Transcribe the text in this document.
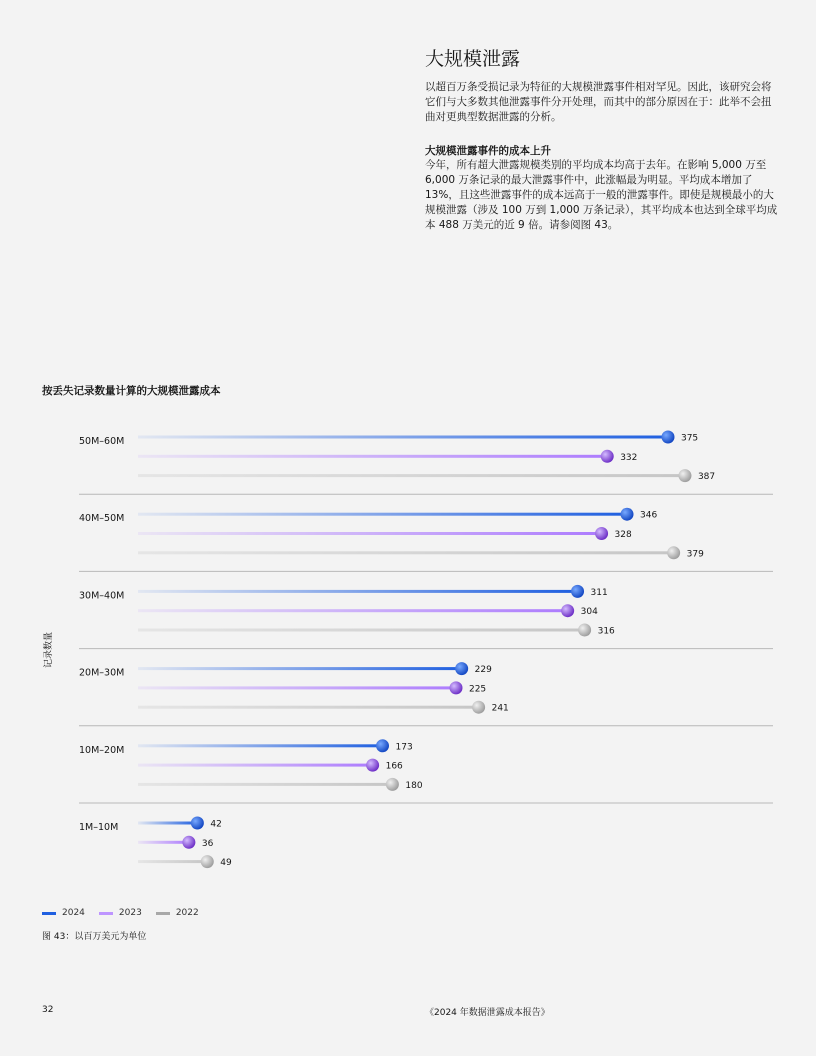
大规模泄露

以超百万条受损记录为特征的大规模泄露事件相对罕见。因此，该研究会将它们与大多数其他泄露事件分开处理，而其中的部分原因在于：此举不会扭曲对更典型数据泄露的分析。

大规模泄露事件的成本上升

今年，所有超大泄露规模类别的平均成本均高于去年。在影响 5,000 万至 6,000 万条记录的最大泄露事件中，此涨幅最为明显。平均成本增加了 13%，且这些泄露事件的成本远高于一般的泄露事件。即使是规模最小的大规模泄露（涉及 100 万到 1,000 万条记录），其平均成本也达到全球平均成本 488 万美元的近 9 倍。请参阅图 43。

按丢失记录数量计算的大规模泄露成本

记录数量
50M–60M	375
332
387
40M–50M	346
328
379
30M–40M	311
304
316
20M–30M	229
225
241
10M–20M	173
166
180
1M–10M	42
36
49
2024	2023	2022

图 43：以百万美元为单位

32	《2024 年数据泄露成本报告》
